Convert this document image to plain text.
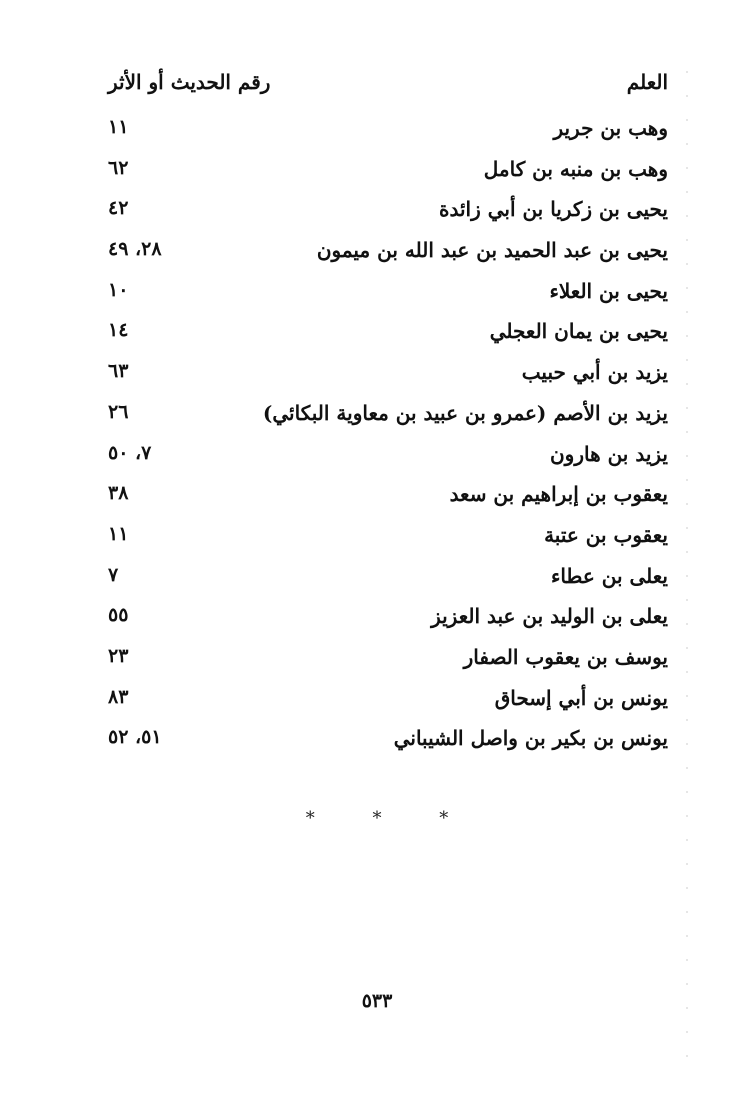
العلم
رقم الحديث أو الأثر
وهب بن جرير
١١
وهب بن منبه بن كامل
٦٢
يحيى بن زكريا بن أبي زائدة
٤٢
يحيى بن عبد الحميد بن عبد الله بن ميمون
٢٨، ٤٩
يحيى بن العلاء
١٠
يحيى بن يمان العجلي
١٤
يزيد بن أبي حبيب
٦٣
يزيد بن الأصم (عمرو بن عبيد بن معاوية البكائي)
٢٦
يزيد بن هارون
٧، ٥٠
يعقوب بن إبراهيم بن سعد
٣٨
يعقوب بن عتبة
١١
يعلى بن عطاء
٧
يعلى بن الوليد بن عبد العزيز
٥٥
يوسف بن يعقوب الصفار
٢٣
يونس بن أبي إسحاق
٨٣
يونس بن بكير بن واصل الشيباني
٥١، ٥٢
* * *
٥٣٣
